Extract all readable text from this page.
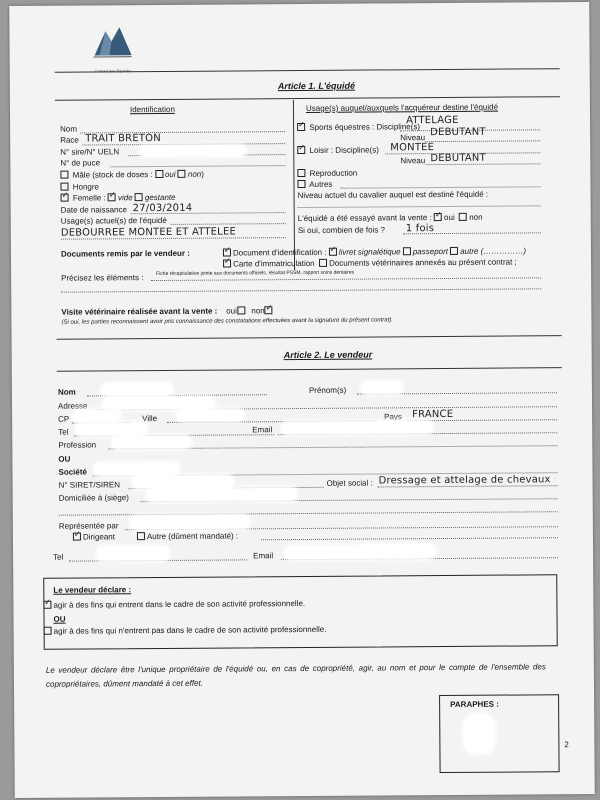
Conseil des Equidés
Article 1. L'équidé
Identification	Usage(s) auquel/auxquels l'acquéreur destine l'équidé
Nom
Race TRAIT BRETON
N° sire/N° UELN
N° de puce
Mâle (stock de doses : oui non)
Hongre
✓ Femelle : ✓ vide gestante
Date de naissance 27/03/2014
Usage(s) actuel(s) de l'équidé
DEBOURREE MONTEE ET ATTELEE
✓ Sports équestres : Discipline(s)
ATTELAGE
Niveau DEBUTANT
✓ Loisir : Discipline(s) MONTEE
Niveau DEBUTANT
Reproduction
Autres
Niveau actuel du cavalier auquel est destiné l'équidé :
L'équidé a été essayé avant la vente : ✓ oui non
Si oui, combien de fois ? 1 fois
Documents remis par le vendeur : ✓	Document d'identification : ✓ livret signalétique passeport autre (……………)
✓Carte d'immatriculation Documents vétérinaires annexés au présent contrat ;
Précisez les éléments :	Fiche récapitulative jointe aux documents officiels, résultat PSSM, rapport soins dentaires
Visite vétérinaire réalisée avant la vente : oui non✓
(Si oui, les parties reconnaissent avoir pris connaissance des constatations effectuées avant la signature du présent contrat).
Article 2. Le vendeur
Nom	Prénom(s)
Adresse
CP	Ville	Pays FRANCE
Tel	Email
Profession
OU
Société
N° SIRET/SIREN	Objet social : Dressage et attelage de chevaux
Domiciliée à (siège)
Représentée par
✓Dirigeant	Autre (dûment mandaté) :
Tel	Email
Le vendeur déclare :
✓agir à des fins qui entrent dans le cadre de son activité professionnelle.
OU
agir à des fins qui n'entrent pas dans le cadre de son activité professionnelle.
Le vendeur déclare être l'unique propriétaire de l'équidé ou, en cas de copropriété, agir, au nom et pour le compte de l'ensemble des copropriétaires, dûment mandaté à cet effet.
PARAPHES :
2
